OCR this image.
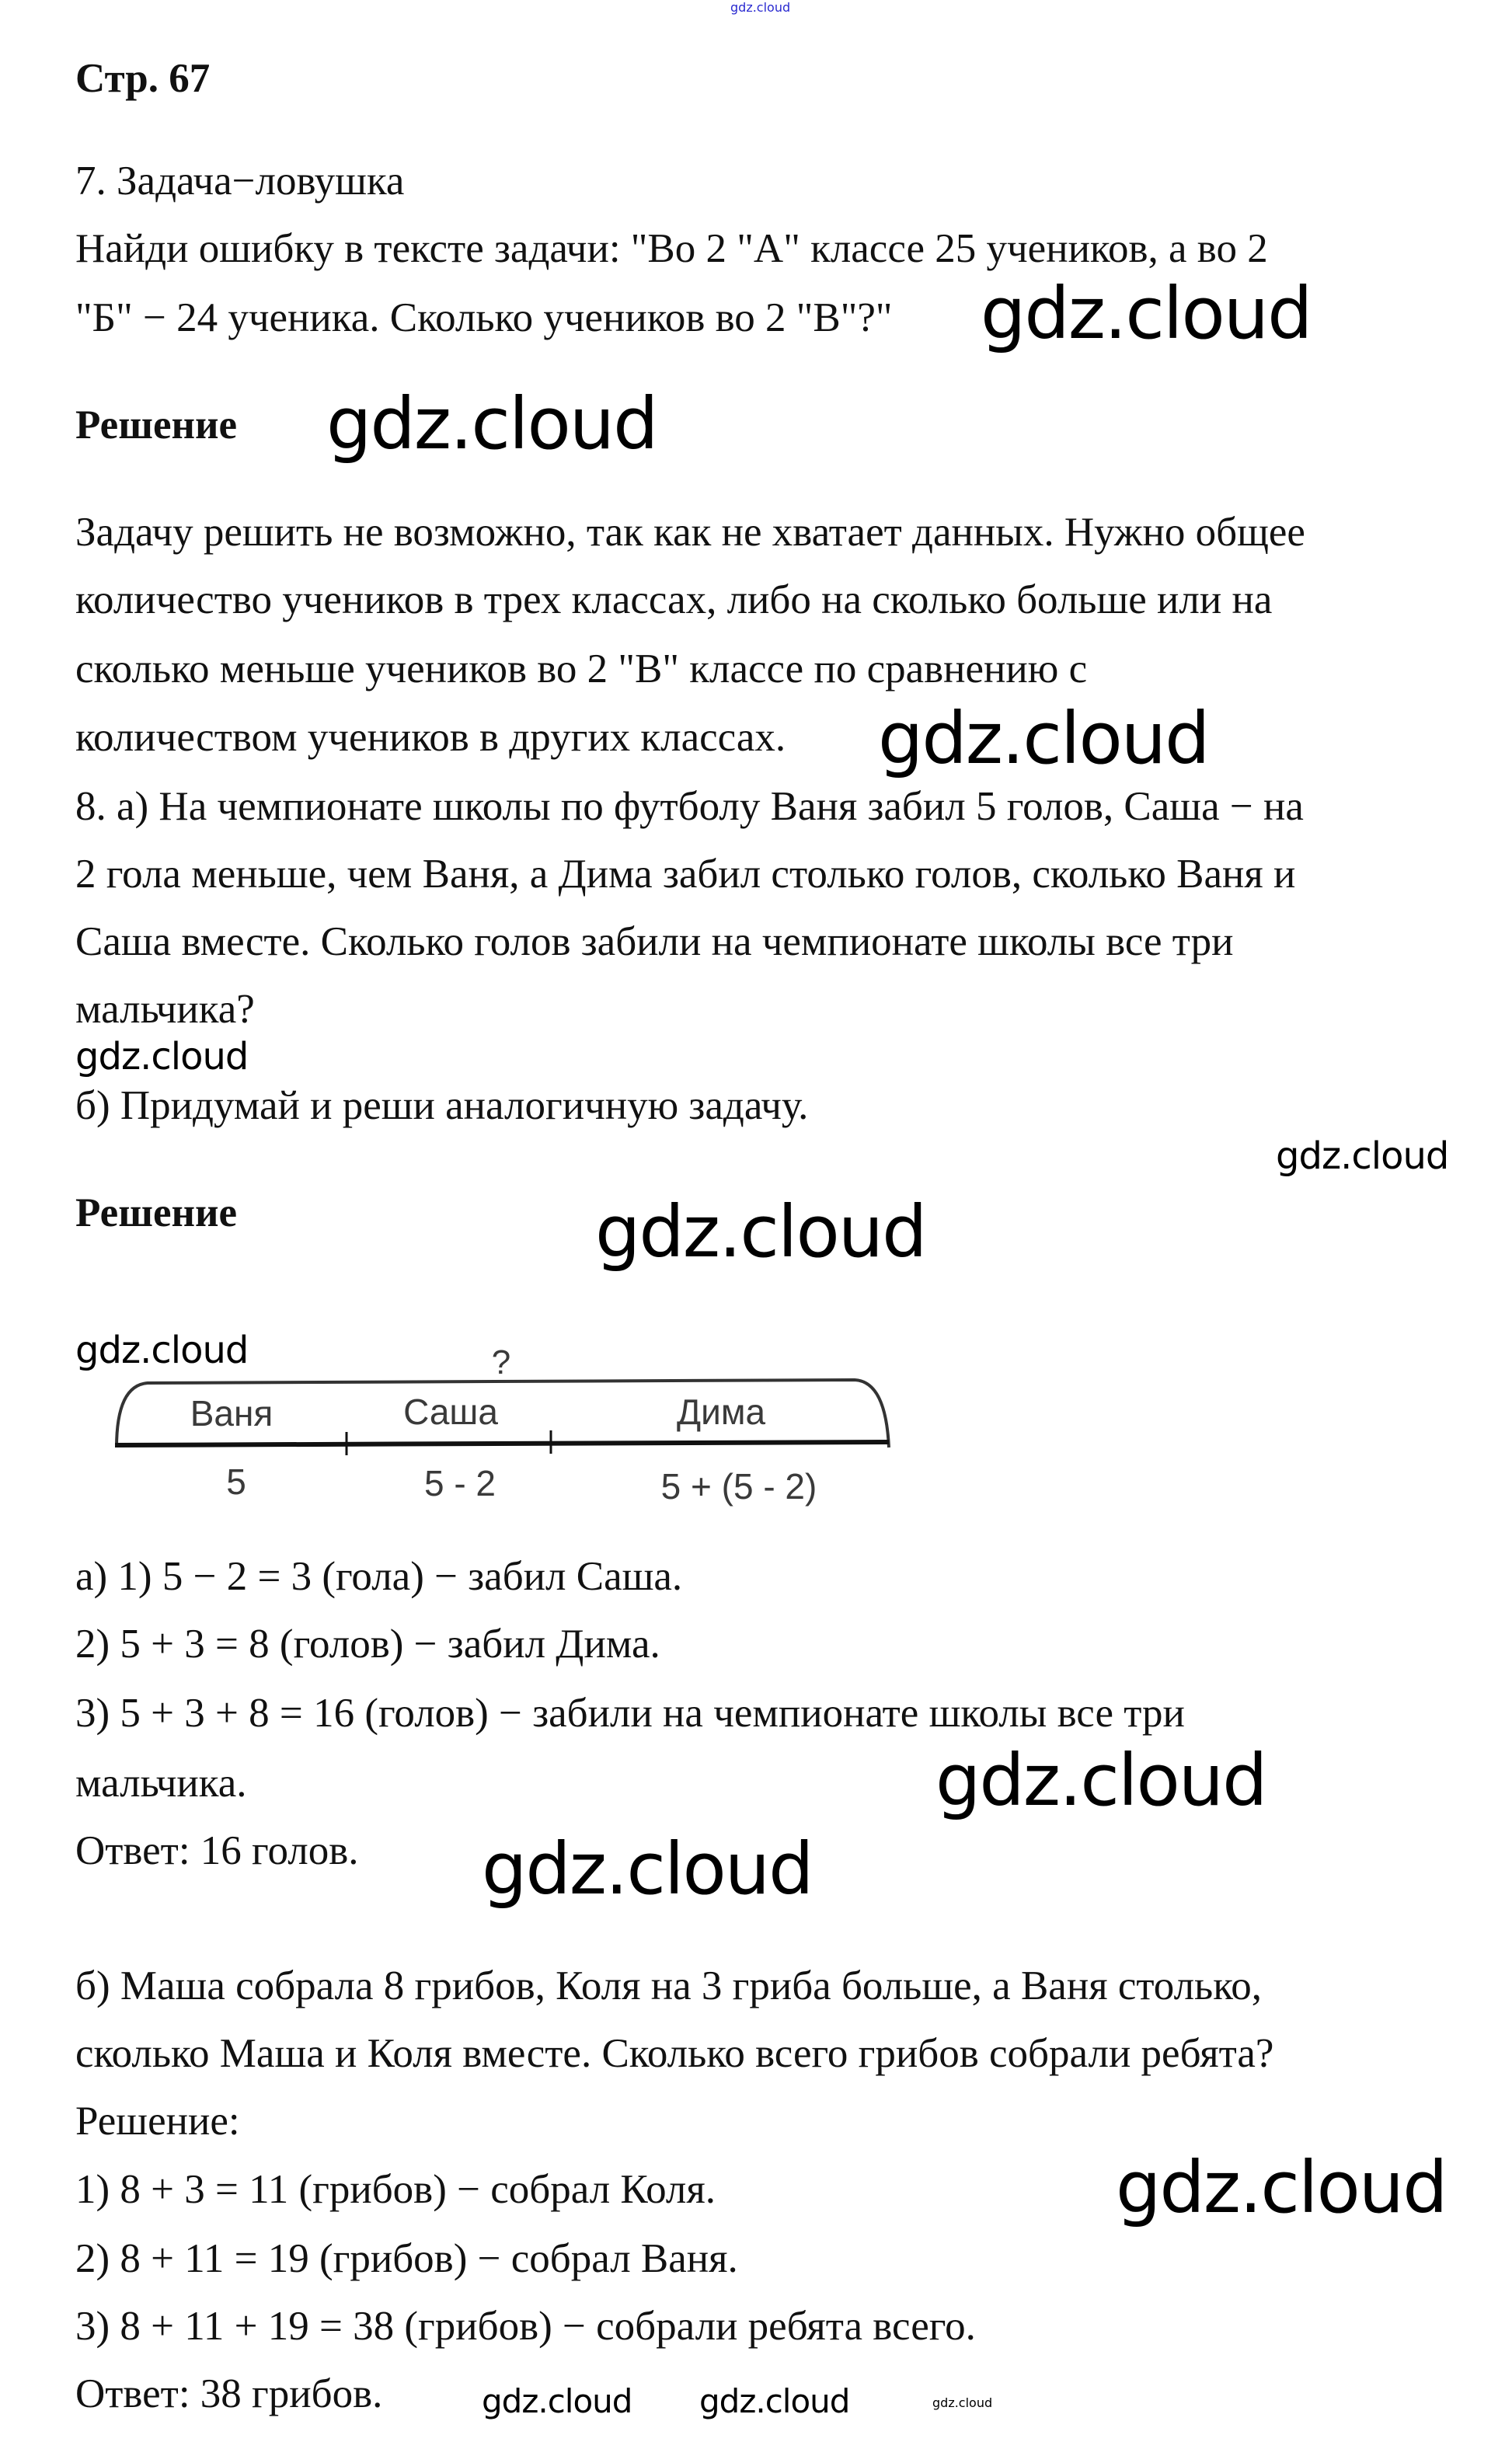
gdz.cloud
Стр. 67
7. Задача−ловушка
Найди ошибку в тексте задачи: "Во 2 "А" классе 25 учеников, а во 2
"Б" − 24 ученика. Сколько учеников во 2 "В"?"
Решение
Задачу решить не возможно, так как не хватает данных. Нужно общее
количество учеников в трех классах, либо на сколько больше или на
сколько меньше учеников во 2 "В" классе по сравнению с
количеством учеников в других классах.
8. а) На чемпионате школы по футболу Ваня забил 5 голов, Саша − на
2 гола меньше, чем Ваня, а Дима забил столько голов, сколько Ваня и
Саша вместе. Сколько голов забили на чемпионате школы все три
мальчика?
б) Придумай и реши аналогичную задачу.
Решение
?
Ваня	Саша	Дима
5	5 - 2	5 + (5 - 2)
а) 1) 5 − 2 = 3 (гола) − забил Саша.
2) 5 + 3 = 8 (голов) − забил Дима.
3) 5 + 3 + 8 = 16 (голов) − забили на чемпионате школы все три
мальчика.
Ответ: 16 голов.
б) Маша собрала 8 грибов, Коля на 3 гриба больше, а Ваня столько,
сколько Маша и Коля вместе. Сколько всего грибов собрали ребята?
Решение:
1) 8 + 3 = 11 (грибов) − собрал Коля.
2) 8 + 11 = 19 (грибов) − собрал Ваня.
3) 8 + 11 + 19 = 38 (грибов) − собрали ребята всего.
Ответ: 38 грибов.
gdz.cloud
gdz.cloud
gdz.cloud
gdz.cloud
gdz.cloud
gdz.cloud
gdz.cloud
gdz.cloud
gdz.cloud
gdz.cloud
gdz.cloud gdz.cloud	gdz.cloud
